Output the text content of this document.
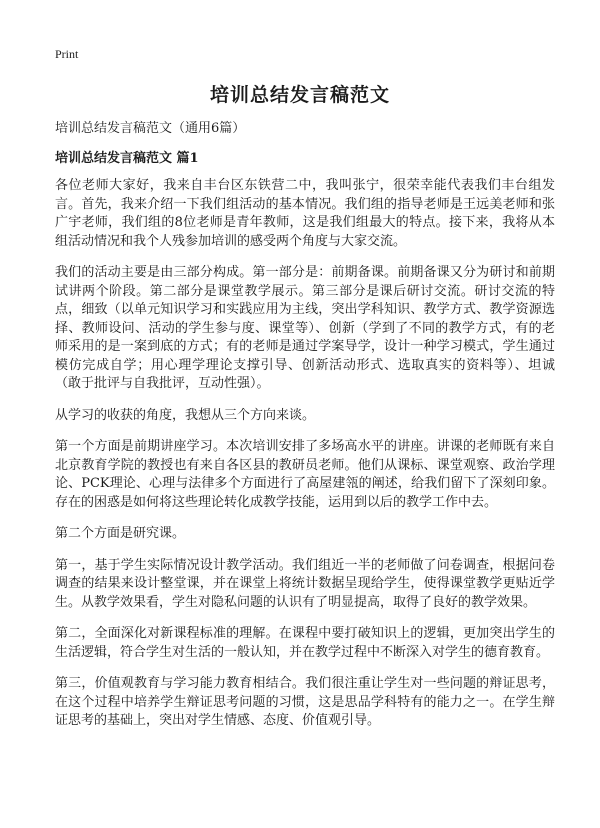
Print
培训总结发言稿范文

培训总结发言稿范文（通用6篇）

培训总结发言稿范文 篇1

各位老师大家好，我来自丰台区东铁营二中，我叫张宁，很荣幸能代表我们丰台组发言。首先，我来介绍一下我们组活动的基本情况。我们组的指导老师是王远美老师和张广宇老师，我们组的8位老师是青年教师，这是我们组最大的特点。接下来，我将从本组活动情况和我个人残参加培训的感受两个角度与大家交流。

我们的活动主要是由三部分构成。第一部分是：前期备课。前期备课又分为研讨和前期试讲两个阶段。第二部分是课堂教学展示。第三部分是课后研讨交流。研讨交流的特点，细致（以单元知识学习和实践应用为主线，突出学科知识、教学方式、教学资源选择、教师设问、活动的学生参与度、课堂等）、创新（学到了不同的教学方式，有的老师采用的是一案到底的方式；有的老师是通过学案导学，设计一种学习模式，学生通过模仿完成自学；用心理学理论支撑引导、创新活动形式、选取真实的资料等）、坦诚（敢于批评与自我批评，互动性强）。

从学习的收获的角度，我想从三个方向来谈。

第一个方面是前期讲座学习。本次培训安排了多场高水平的讲座。讲课的老师既有来自北京教育学院的教授也有来自各区县的教研员老师。他们从课标、课堂观察、政治学理论、PCK理论、心理与法律多个方面进行了高屋建瓴的阐述，给我们留下了深刻印象。存在的困惑是如何将这些理论转化成教学技能，运用到以后的教学工作中去。

第二个方面是研究课。

第一，基于学生实际情况设计教学活动。我们组近一半的老师做了问卷调查，根据问卷调查的结果来设计整堂课，并在课堂上将统计数据呈现给学生，使得课堂教学更贴近学生。从教学效果看，学生对隐私问题的认识有了明显提高，取得了良好的教学效果。

第二，全面深化对新课程标准的理解。在课程中要打破知识上的逻辑，更加突出学生的生活逻辑，符合学生对生活的一般认知，并在教学过程中不断深入对学生的德育教育。

第三，价值观教育与学习能力教育相结合。我们很注重让学生对一些问题的辩证思考，在这个过程中培养学生辩证思考问题的习惯，这是思品学科特有的能力之一。在学生辩证思考的基础上，突出对学生情感、态度、价值观引导。
